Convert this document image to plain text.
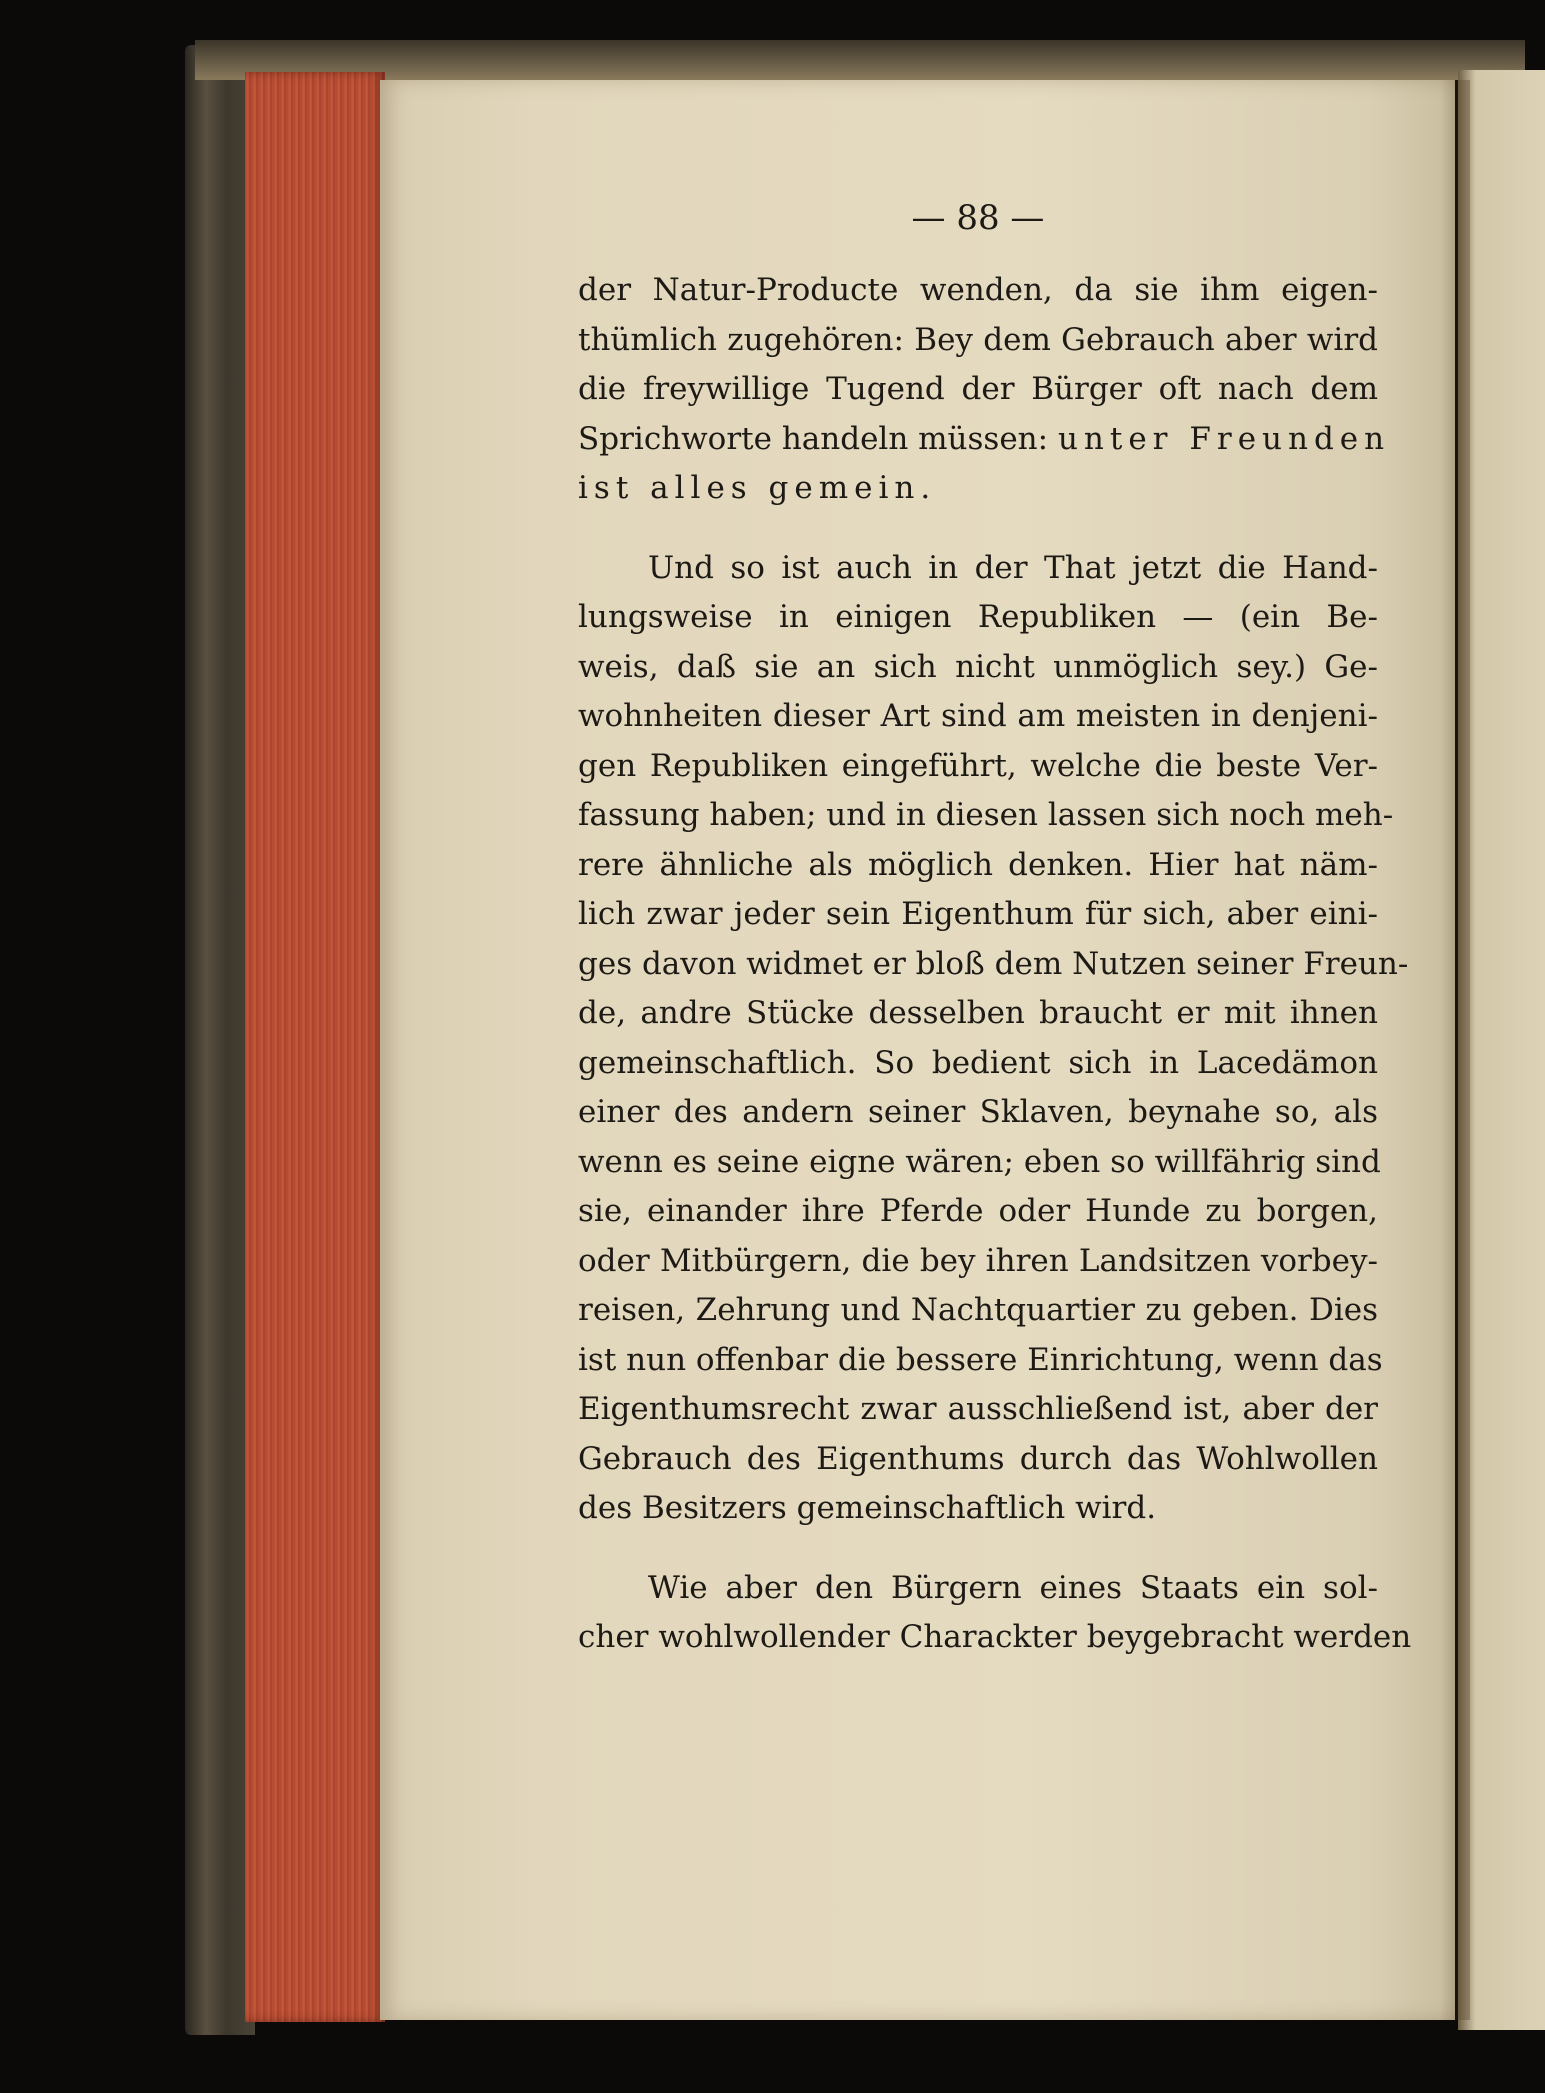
— 88 —
der Natur-Producte wenden, da sie ihm eigen-
thümlich zugehören: Bey dem Gebrauch aber wird
die freywillige Tugend der Bürger oft nach dem
Sprichworte handeln müssen: unter Freunden
ist alles gemein.
Und so ist auch in der That jetzt die Hand-
lungsweise in einigen Republiken — (ein Be-
weis, daß sie an sich nicht unmöglich sey.) Ge-
wohnheiten dieser Art sind am meisten in denjeni-
gen Republiken eingeführt, welche die beste Ver-
fassung haben; und in diesen lassen sich noch meh-
rere ähnliche als möglich denken. Hier hat näm-
lich zwar jeder sein Eigenthum für sich, aber eini-
ges davon widmet er bloß dem Nutzen seiner Freun-
de, andre Stücke desselben braucht er mit ihnen
gemeinschaftlich. So bedient sich in Lacedämon
einer des andern seiner Sklaven, beynahe so, als
wenn es seine eigne wären; eben so willfährig sind
sie, einander ihre Pferde oder Hunde zu borgen,
oder Mitbürgern, die bey ihren Landsitzen vorbey-
reisen, Zehrung und Nachtquartier zu geben. Dies
ist nun offenbar die bessere Einrichtung, wenn das
Eigenthumsrecht zwar ausschließend ist, aber der
Gebrauch des Eigenthums durch das Wohlwollen
des Besitzers gemeinschaftlich wird.
Wie aber den Bürgern eines Staats ein sol-
cher wohlwollender Charackter beygebracht werden
